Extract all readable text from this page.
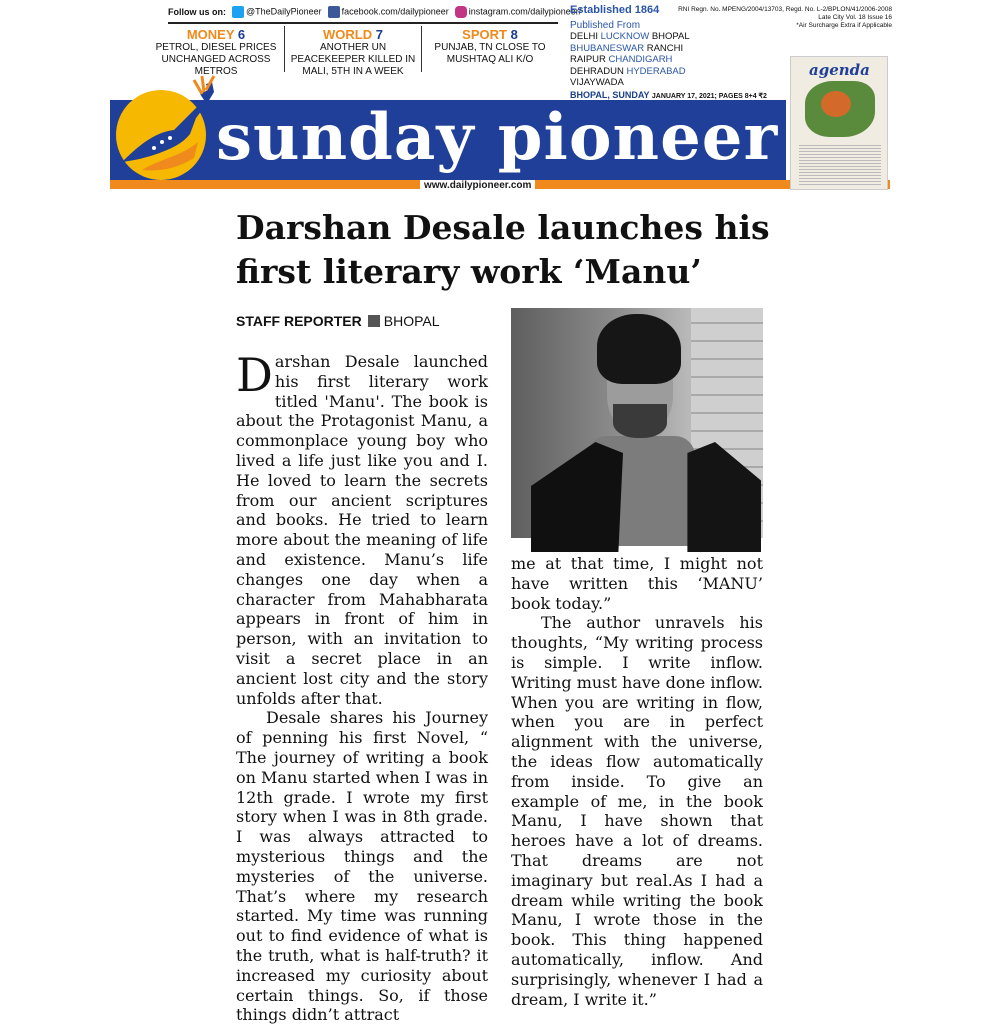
Follow us on:	@TheDailyPioneer	facebook.com/dailypioneer	instagram.com/dailypioneer/
MONEY 6
PETROL, DIESEL PRICES UNCHANGED ACROSS METROS
WORLD 7
ANOTHER UN PEACEKEEPER KILLED IN MALI, 5TH IN A WEEK
SPORT 8
PUNJAB, TN CLOSE TO MUSHTAQ ALI K/O
Established 1864
Published From
DELHI LUCKNOW BHOPAL
BHUBANESWAR RANCHI
RAIPUR CHANDIGARH
DEHRADUN HYDERABAD
VIJAYWADA
RNI Regn. No. MPENG/2004/13703, Regd. No. L-2/BPLON/41/2006-2008
Late City Vol. 18 Issue 16
*Air Surcharge Extra if Applicable
BHOPAL, SUNDAY JANUARY 17, 2021; PAGES 8+4 ₹2
sunday pioneer
www.dailypioneer.com
agenda
Darshan Desale launches his first literary work ‘Manu’
STAFF REPORTER BHOPAL

Darshan Desale launched his first literary work titled 'Manu'. The book is about the Protagonist Manu, a commonplace young boy who lived a life just like you and I. He loved to learn the secrets from our ancient scriptures and books. He tried to learn more about the meaning of life and existence. Manu’s life changes one day when a character from Mahabharata appears in front of him in person, with an invitation to visit a secret place in an ancient lost city and the story unfolds after that.

Desale shares his Journey of penning his first Novel, “ The journey of writing a book on Manu started when I was in 12th grade. I wrote my first story when I was in 8th grade. I was always attracted to mysterious things and the mysteries of the universe. That’s where my research started. My time was running out to find evidence of what is the truth, what is half-truth? it increased my curiosity about certain things. So, if those things didn’t attract

me at that time, I might not have written this ‘MANU’ book today.”

The author unravels his thoughts, “My writing process is simple. I write inflow. Writing must have done inflow. When you are writing in flow, when you are in perfect alignment with the universe, the ideas flow automatically from inside. To give an example of me, in the book Manu, I have shown that heroes have a lot of dreams. That dreams are not imaginary but real.As I had a dream while writing the book Manu, I wrote those in the book. This thing happened automatically, inflow. And surprisingly, whenever I had a dream, I write it.”
